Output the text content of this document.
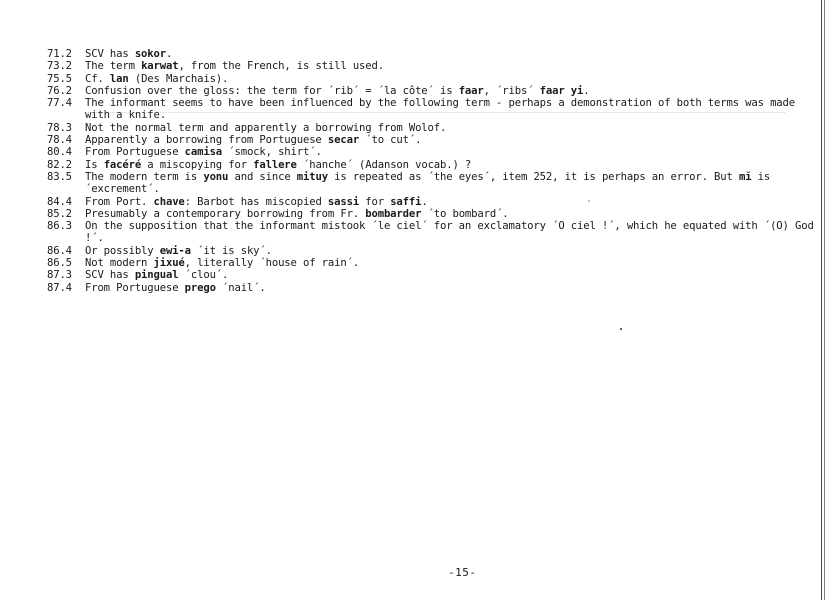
71.2	SCV has sokor.
73.2	The term karwat, from the French, is still used.
75.5	Cf. lan (Des Marchais).
76.2	Confusion over the gloss: the term for ´rib´ = ´la côte´ is faar, ´ribs´ faar yi.
77.4	The informant seems to have been influenced by the following term - perhaps a demonstration of both terms was made with a knife.
78.3	Not the normal term and apparently a borrowing from Wolof.
78.4	Apparently a borrowing from Portuguese secar ´to cut´.
80.4	From Portuguese camisa ´smock, shirt´.
82.2	Is facéré a miscopying for fallere ´hanche´ (Adanson vocab.) ?
83.5	The modern term is yonu and since mituy is repeated as ´the eyes´, item 252, it is perhaps an error. But mĭ is ´excrement´.
84.4	From Port. chave: Barbot has miscopied sassi for saffi.
85.2	Presumably a contemporary borrowing from Fr. bombarder ´to bombard´.
86.3	On the supposition that the informant mistook ´le ciel´ for an exclamatory ´O ciel !´, which he equated with ´(O) God !´.
86.4	Or possibly ewi-a ´it is sky´.
86.5	Not modern jixué, literally ´house of rain´.
87.3	SCV has pingual ´clou´.
87.4	From Portuguese prego ´nail´.
-15-
